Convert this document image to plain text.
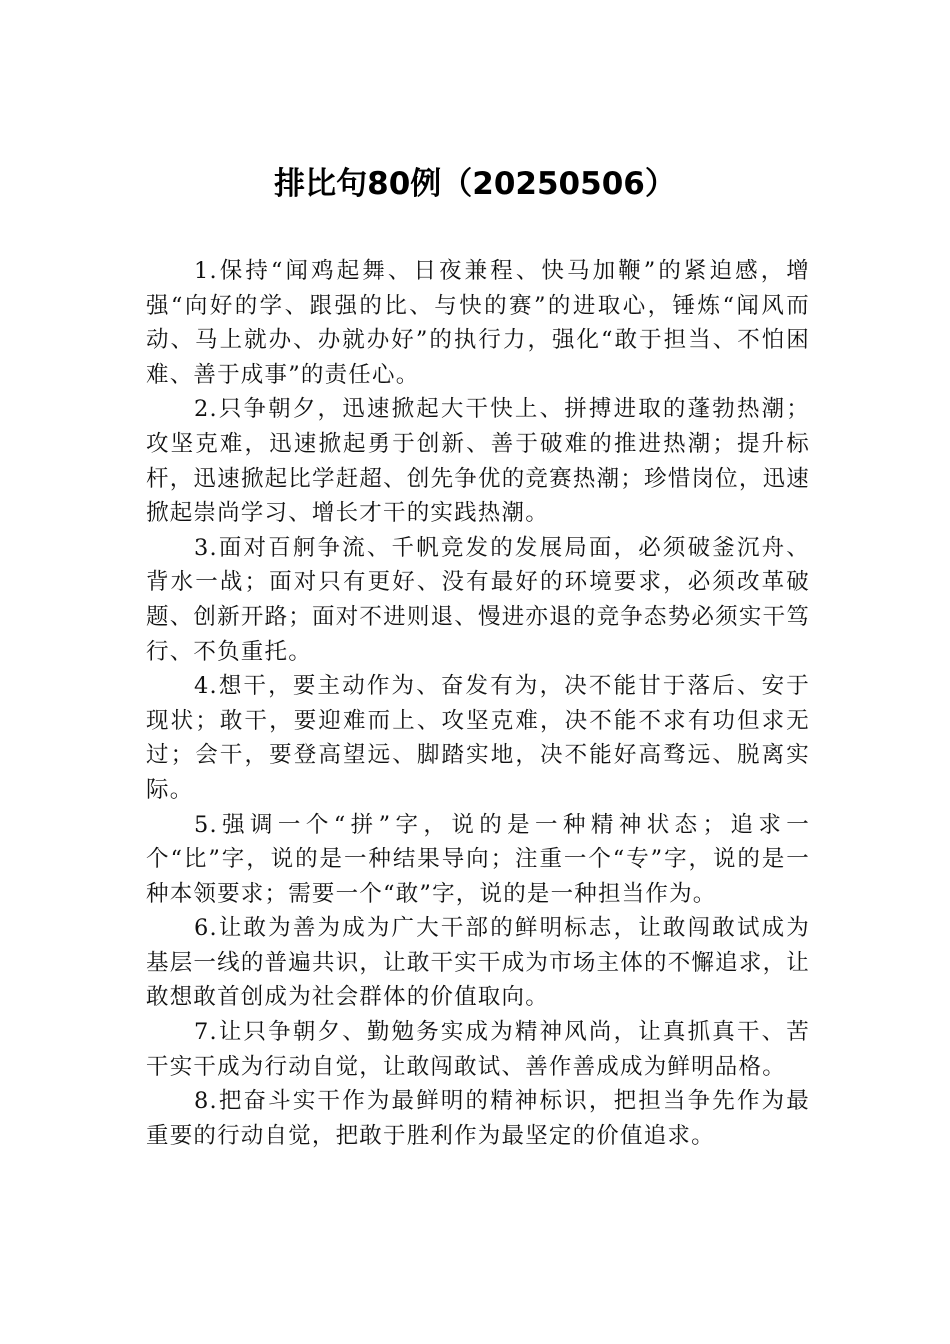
排比句80例（20250506）

1.保持“闻鸡起舞、日夜兼程、快马加鞭”的紧迫感，增强“向好的学、跟强的比、与快的赛”的进取心，锤炼“闻风而动、马上就办、办就办好”的执行力，强化“敢于担当、不怕困难、善于成事”的责任心。

2.只争朝夕，迅速掀起大干快上、拼搏进取的蓬勃热潮；攻坚克难，迅速掀起勇于创新、善于破难的推进热潮；提升标杆，迅速掀起比学赶超、创先争优的竞赛热潮；珍惜岗位，迅速掀起崇尚学习、增长才干的实践热潮。

3.面对百舸争流、千帆竞发的发展局面，必须破釜沉舟、背水一战；面对只有更好、没有最好的环境要求，必须改革破题、创新开路；面对不进则退、慢进亦退的竞争态势必须实干笃行、不负重托。

4.想干，要主动作为、奋发有为，决不能甘于落后、安于现状；敢干，要迎难而上、攻坚克难，决不能不求有功但求无过；会干，要登高望远、脚踏实地，决不能好高骛远、脱离实际。

5.强调一个“拼”字，说的是一种精神状态；追求一个“比”字，说的是一种结果导向；注重一个“专”字，说的是一种本领要求；需要一个“敢”字，说的是一种担当作为。

6.让敢为善为成为广大干部的鲜明标志，让敢闯敢试成为基层一线的普遍共识，让敢干实干成为市场主体的不懈追求，让敢想敢首创成为社会群体的价值取向。

7.让只争朝夕、勤勉务实成为精神风尚，让真抓真干、苦干实干成为行动自觉，让敢闯敢试、善作善成成为鲜明品格。

8.把奋斗实干作为最鲜明的精神标识，把担当争先作为最重要的行动自觉，把敢于胜利作为最坚定的价值追求。
